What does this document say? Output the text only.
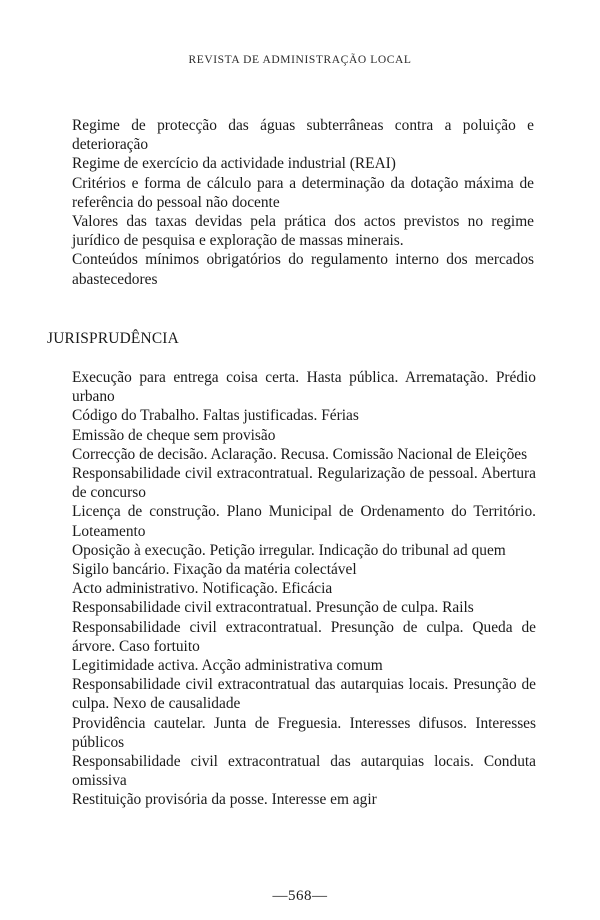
REVISTA DE ADMINISTRAÇÃO LOCAL

Regime de protecção das águas subterrâneas contra a poluição e deterioração

Regime de exercício da actividade industrial (REAI)

Critérios e forma de cálculo para a determinação da dotação máxima de referência do pessoal não docente

Valores das taxas devidas pela prática dos actos previstos no regime jurídico de pesquisa e exploração de massas minerais.

Conteúdos mínimos obrigatórios do regulamento interno dos mercados abastecedores

JURISPRUDÊNCIA

Execução para entrega coisa certa. Hasta pública. Arrematação. Prédio urbano

Código do Trabalho. Faltas justificadas. Férias

Emissão de cheque sem provisão

Correcção de decisão. Aclaração. Recusa. Comissão Nacional de Eleições

Responsabilidade civil extracontratual. Regularização de pessoal. Abertura de concurso

Licença de construção. Plano Municipal de Ordenamento do Território. Loteamento

Oposição à execução. Petição irregular. Indicação do tribunal ad quem

Sigilo bancário. Fixação da matéria colectável

Acto administrativo. Notificação. Eficácia

Responsabilidade civil extracontratual. Presunção de culpa. Rails

Responsabilidade civil extracontratual. Presunção de culpa. Queda de árvore. Caso fortuito

Legitimidade activa. Acção administrativa comum

Responsabilidade civil extracontratual das autarquias locais. Presunção de culpa. Nexo de causalidade

Providência cautelar. Junta de Freguesia. Interesses difusos. Interesses públicos

Responsabilidade civil extracontratual das autarquias locais. Conduta omissiva

Restituição provisória da posse. Interesse em agir

—568—
